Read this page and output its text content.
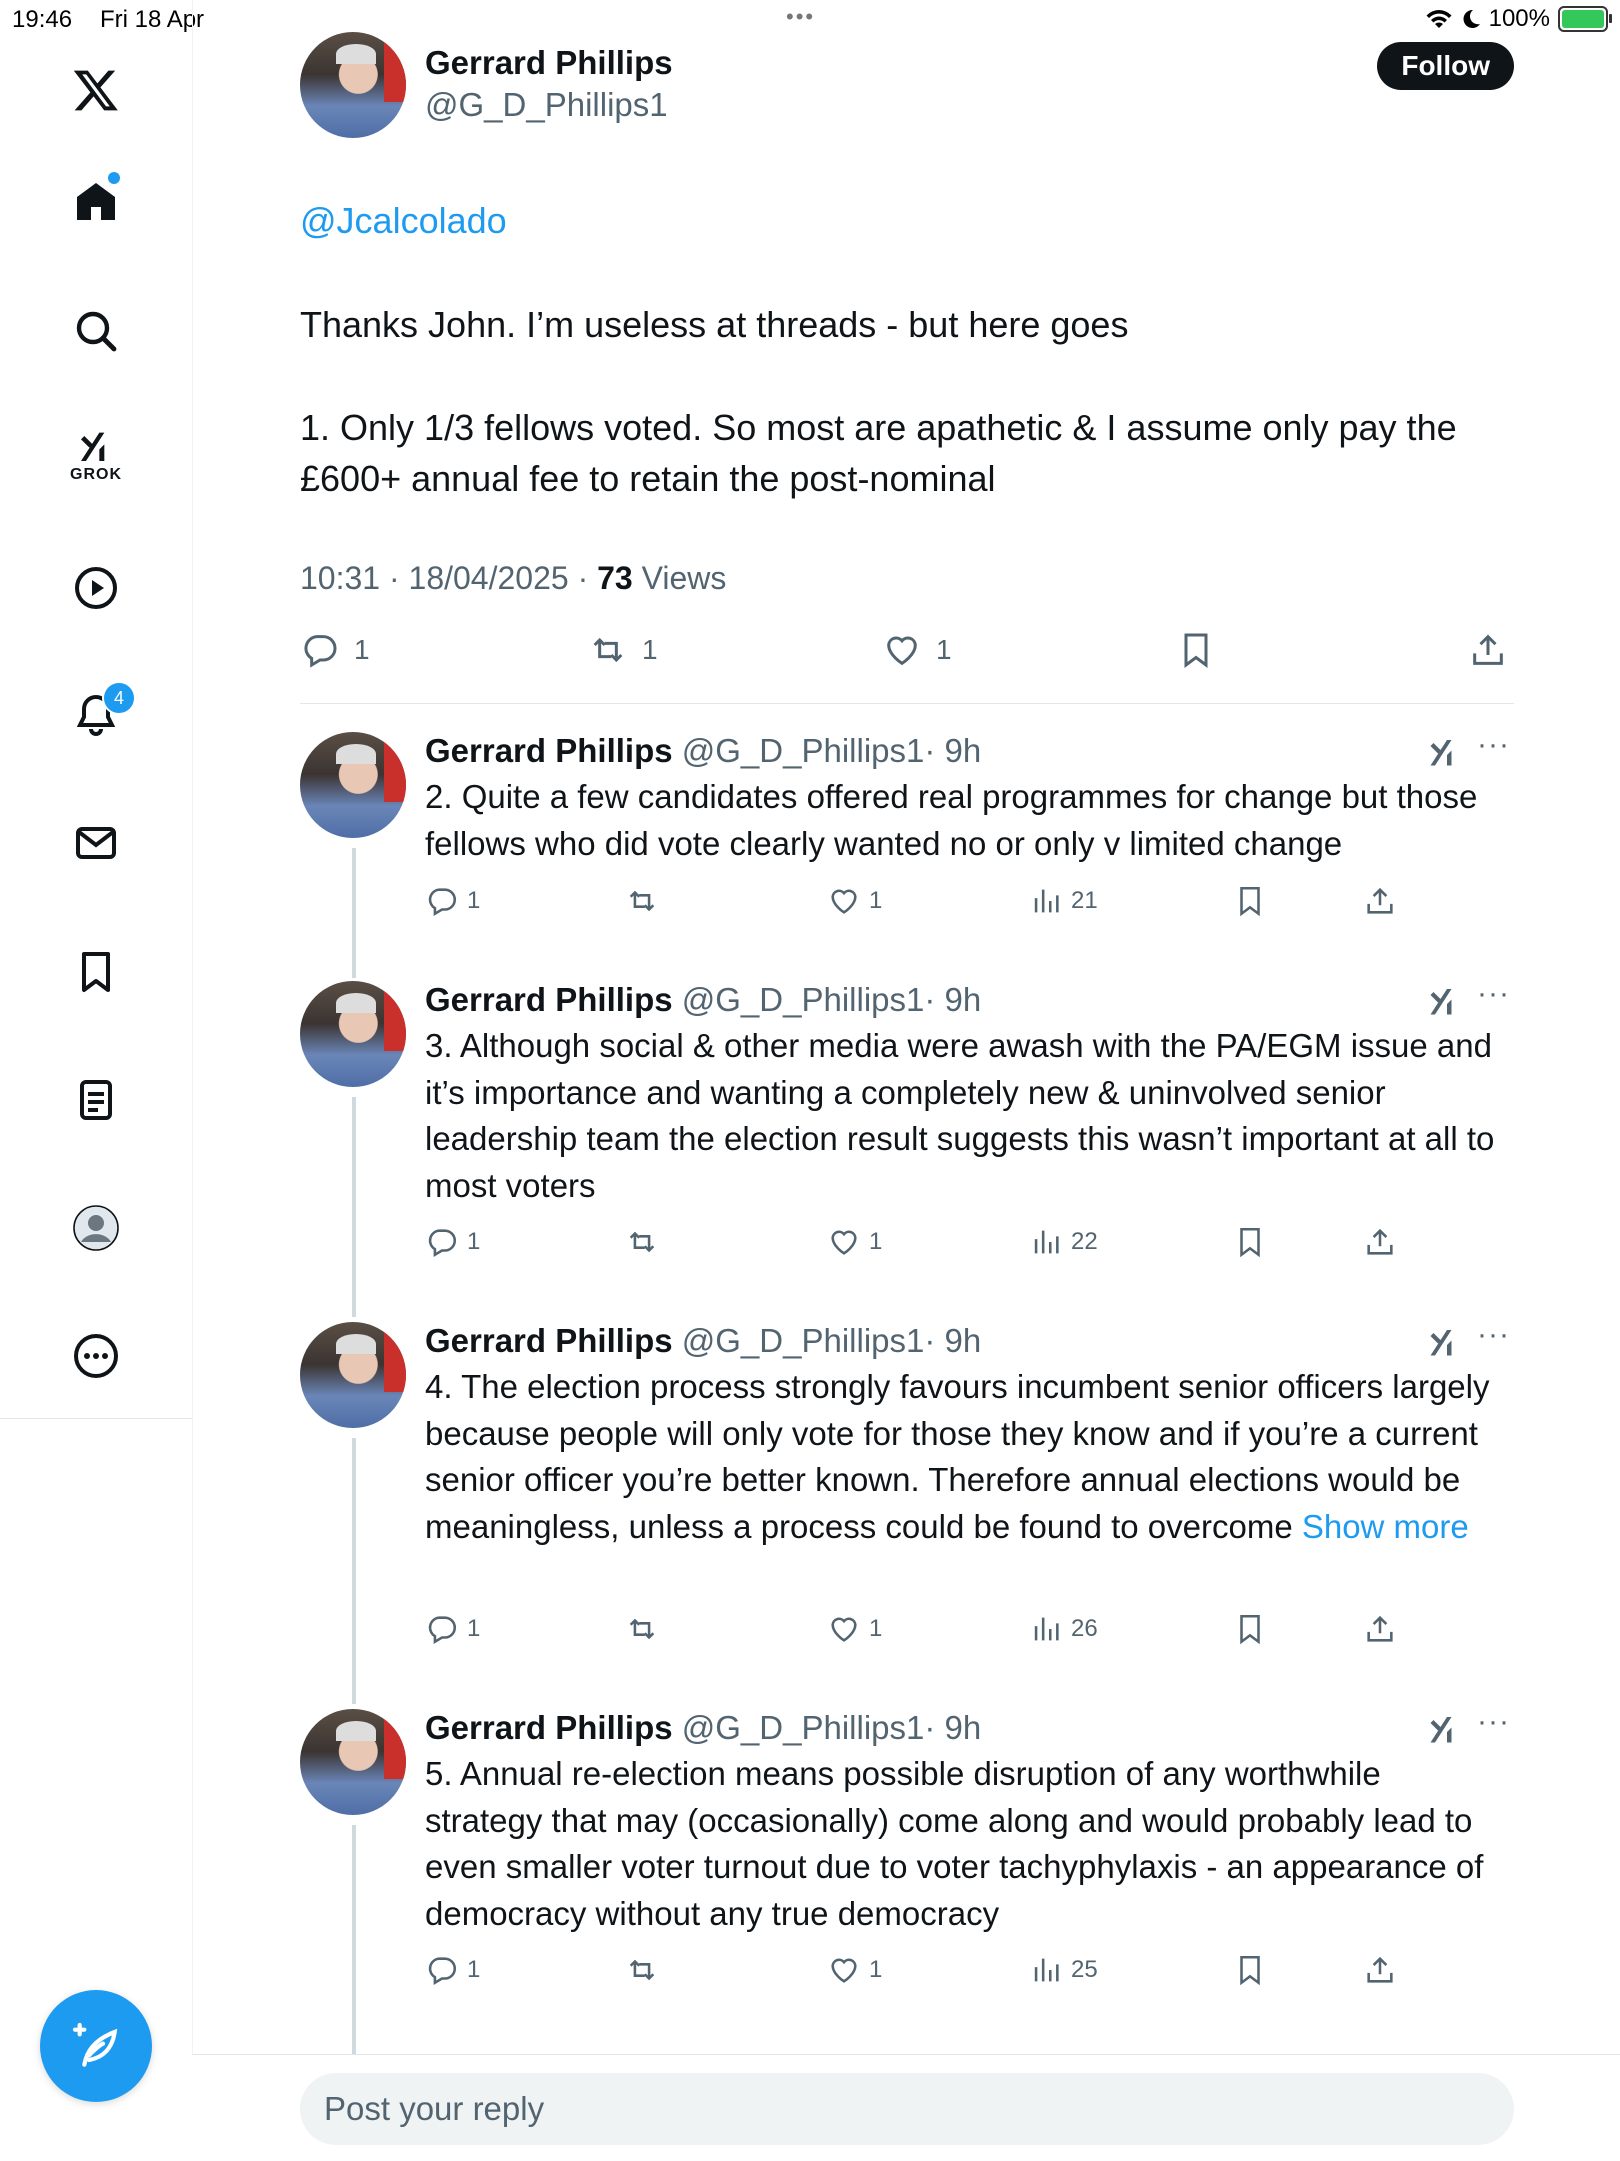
19:46 Fri 18 Apr	•••	100%
GROK
4
Gerrard Phillips
@G_D_Phillips1
Follow
@Jcalcolado
Thanks John. I’m useless at threads - but here goes
1. Only 1/3 fellows voted. So most are apathetic & I assume only pay the
£600+ annual fee to retain the post-nominal
10:31 · 18/04/2025 · 73 Views
1	1	1
Gerrard Phillips @G_D_Phillips1· 9h	···
2. Quite a few candidates offered real programmes for change but those fellows who did vote clearly wanted no or only v limited change
1	1	21
Gerrard Phillips @G_D_Phillips1· 9h	···
3. Although social & other media were awash with the PA/EGM issue and it’s importance and wanting a completely new & uninvolved senior leadership team the election result suggests this wasn’t important at all to most voters
1	1	22
Gerrard Phillips @G_D_Phillips1· 9h	···
4. The election process strongly favours incumbent senior officers largely because people will only vote for those they know and if you’re a current senior officer you’re better known. Therefore annual elections would be meaningless, unless a process could be found to overcome Show more
1	1	26
Gerrard Phillips @G_D_Phillips1· 9h	···
5. Annual re-election means possible disruption of any worthwhile strategy that may (occasionally) come along and would probably lead to even smaller voter turnout due to voter tachyphylaxis - an appearance of democracy without any true democracy
1	1	25
Post your reply
